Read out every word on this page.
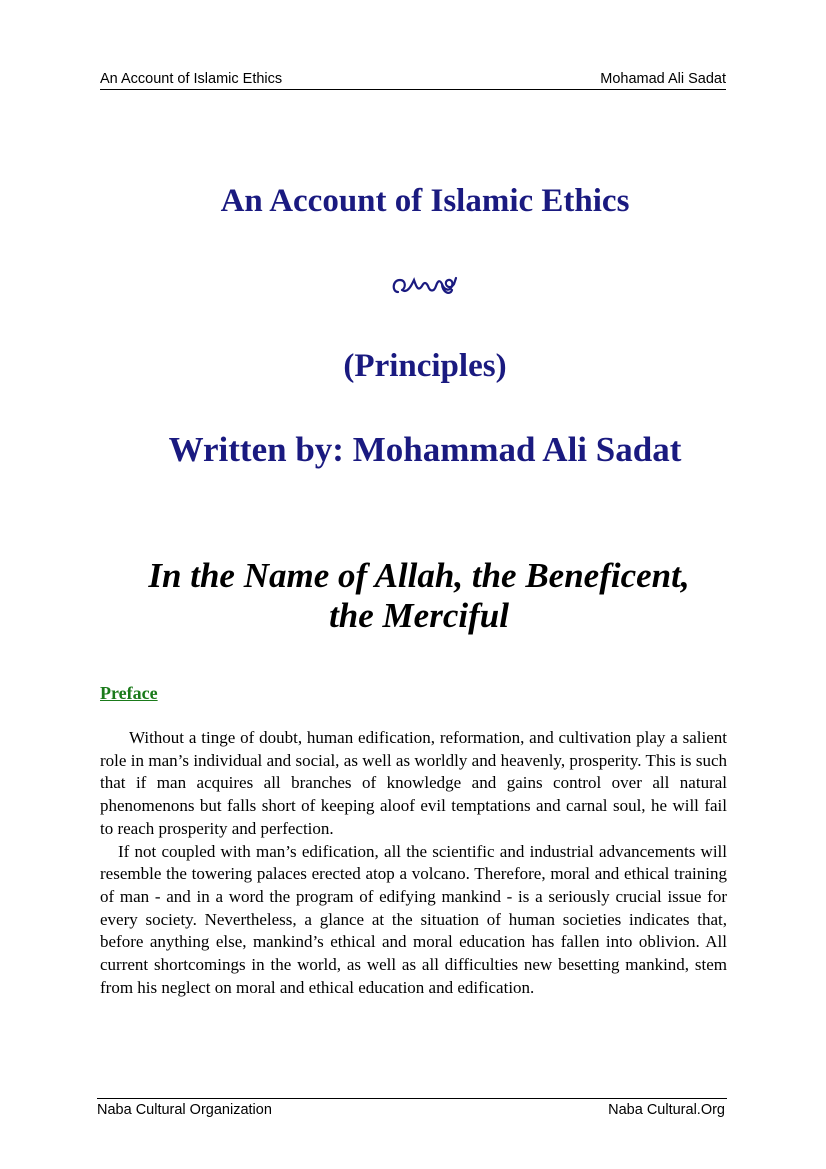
An Account of Islamic Ethics	Mohamad Ali Sadat
An Account of Islamic Ethics
(Principles)
Written by: Mohammad Ali Sadat
In the Name of Allah, the Beneficent,
the Merciful
Preface

Without a tinge of doubt, human edification, reformation, and cultivation play a salient role in man’s individual and social, as well as worldly and heavenly, prosperity. This is such that if man acquires all branches of knowledge and gains control over all natural phenomenons but falls short of keeping aloof evil temptations and carnal soul, he will fail to reach prosperity and perfection.

If not coupled with man’s edification, all the scientific and industrial advancements will resemble the towering palaces erected atop a volcano. Therefore, moral and ethical training of man - and in a word the program of edifying mankind - is a seriously crucial issue for every society. Nevertheless, a glance at the situation of human societies indicates that, before anything else, mankind’s ethical and moral education has fallen into oblivion. All current shortcomings in the world, as well as all difficulties new besetting mankind, stem from his neglect on moral and ethical education and edification.

Naba Cultural Organization	Naba Cultural.Org
